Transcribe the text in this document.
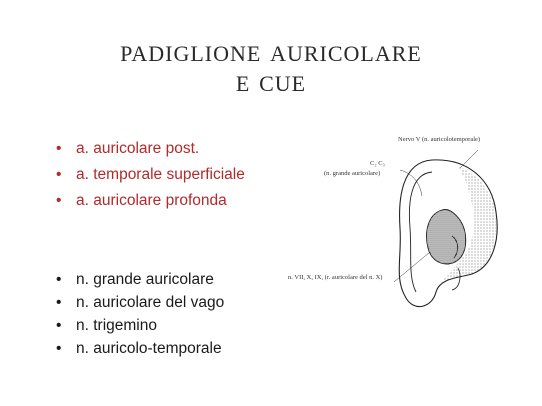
padiglione auricolare
e cue
• a. auricolare post.
• a. temporale superficiale
• a. auricolare profonda
• n. grande auricolare
• n. auricolare del vago
• n. trigemino
• n. auricolo-temporale
Nervo V (n. auricolotemporale)
C₂ C₃
(n. grande auricolare)
n. VII, X, IX, (r. auricolare del n. X)
